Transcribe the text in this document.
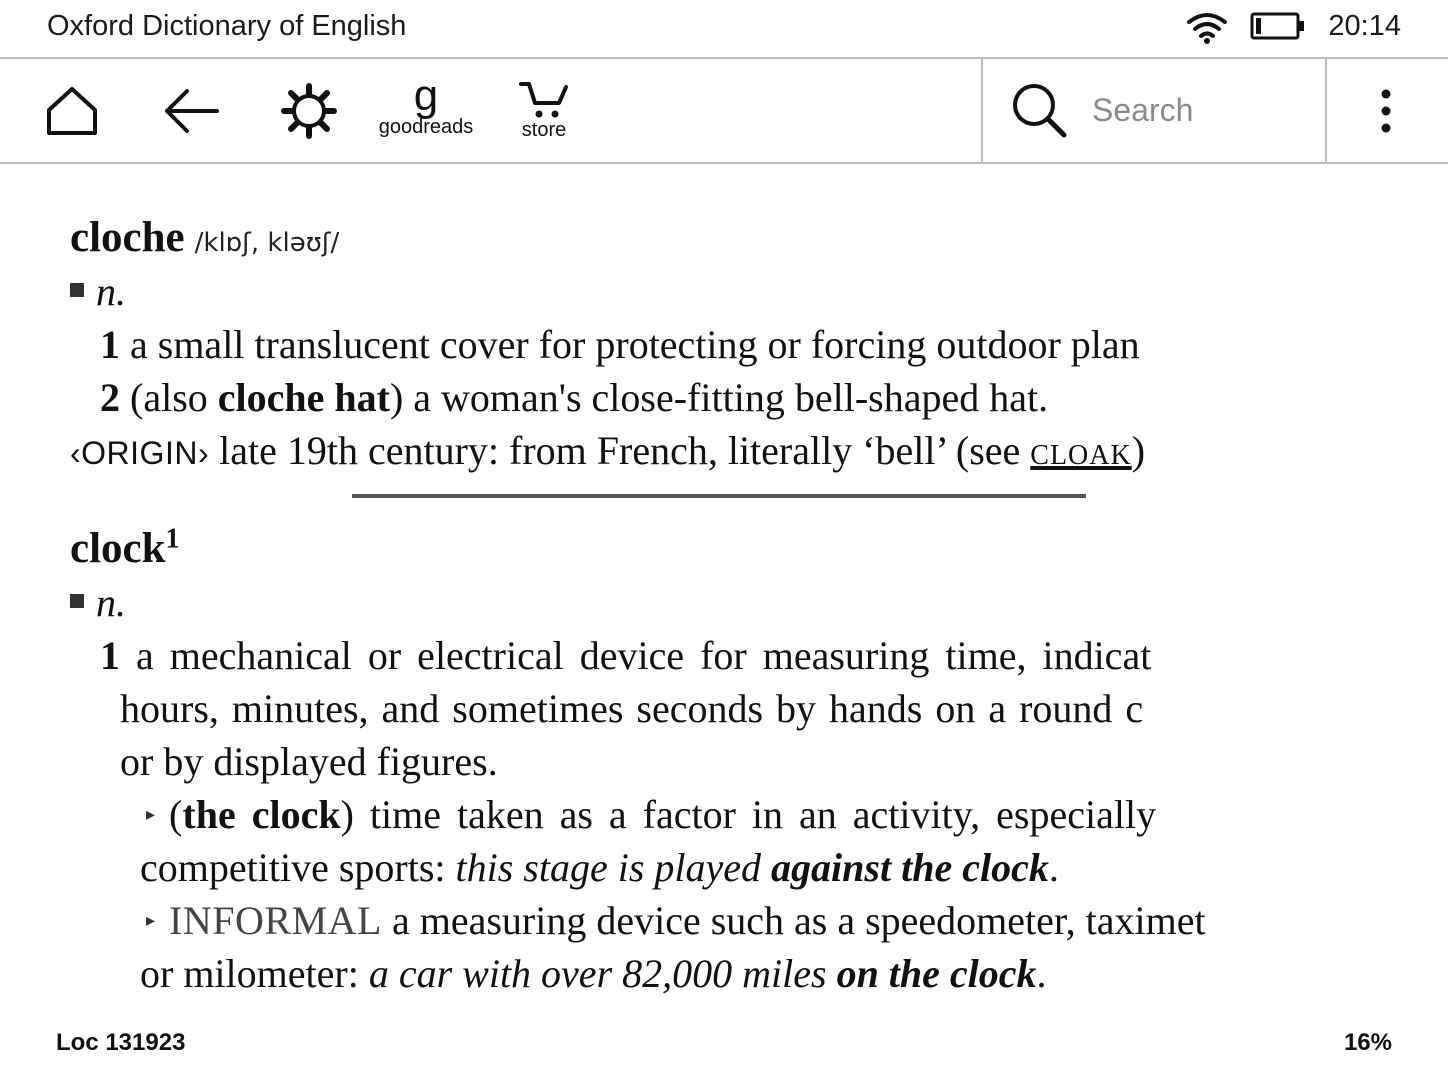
Oxford Dictionary of English	20:14
g
goodreads store
Search
cloche /klɒʃ, kləʊʃ/
n.
1 a small translucent cover for protecting or forcing outdoor plan
2 (also cloche hat) a woman's close-fitting bell-shaped hat.
‹ORIGIN› late 19th century: from French, literally ‘bell’ (see cloak)
clock$^1$
n.
1 a mechanical or electrical device for measuring time, indicat
hours, minutes, and sometimes seconds by hands on a round c
or by displayed figures.
▸ (the clock) time taken as a factor in an activity, especially
competitive sports: this stage is played against the clock.
▸ INFORMAL a measuring device such as a speedometer, taximet
or milometer: a car with over 82,000 miles on the clock.
Loc 131923	16%
